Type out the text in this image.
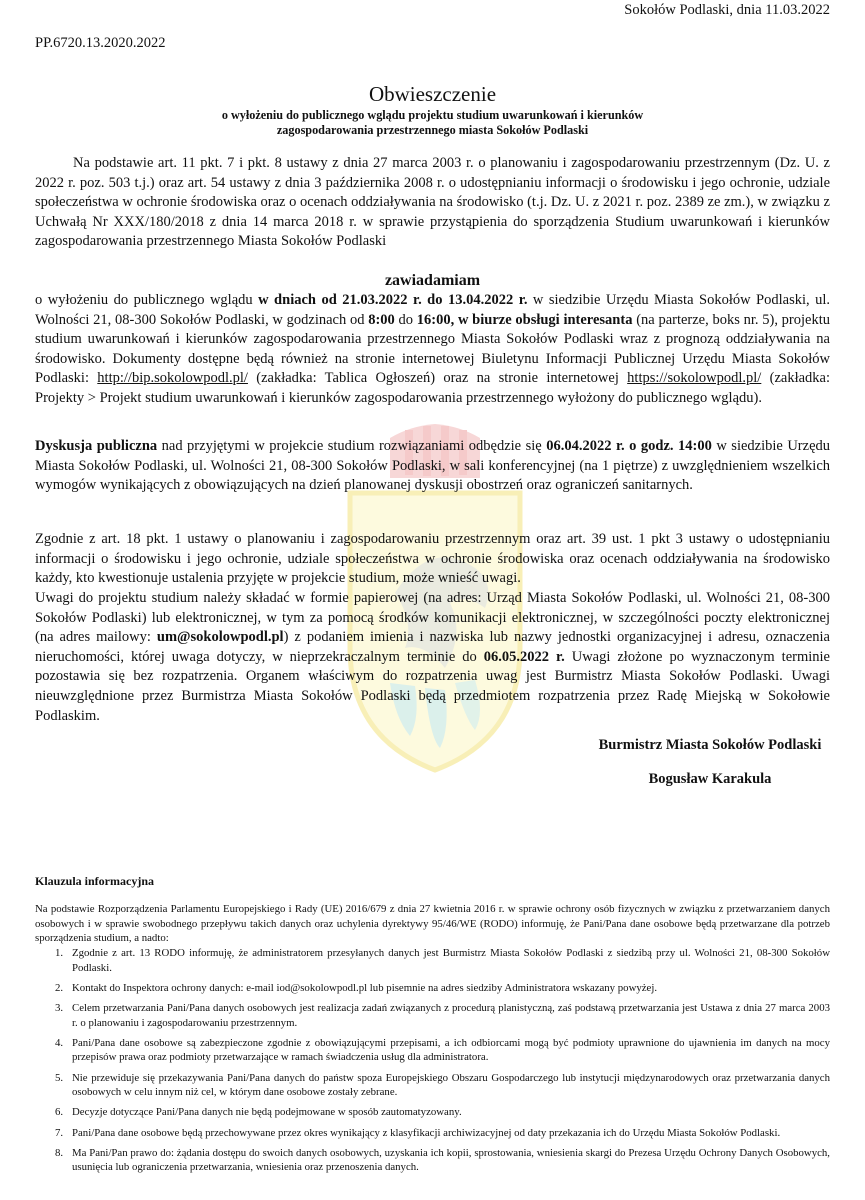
Sokołów Podlaski, dnia 11.03.2022
PP.6720.13.2020.2022
Obwieszczenie
o wyłożeniu do publicznego wglądu projektu studium uwarunkowań i kierunków
zagospodarowania przestrzennego miasta Sokołów Podlaski
Na podstawie art. 11 pkt. 7 i pkt. 8 ustawy z dnia 27 marca 2003 r. o planowaniu i zagospodarowaniu przestrzennym (Dz. U. z 2022 r. poz. 503 t.j.) oraz art. 54 ustawy z dnia 3 października 2008 r. o udostępnianiu informacji o środowisku i jego ochronie, udziale społeczeństwa w ochronie środowiska oraz o ocenach oddziaływania na środowisko (t.j. Dz. U. z 2021 r. poz. 2389 ze zm.), w związku z Uchwałą Nr XXX/180/2018 z dnia 14 marca 2018 r. w sprawie przystąpienia do sporządzenia Studium uwarunkowań i kierunków zagospodarowania przestrzennego Miasta Sokołów Podlaski
zawiadamiam
o wyłożeniu do publicznego wglądu w dniach od 21.03.2022 r. do 13.04.2022 r. w siedzibie Urzędu Miasta Sokołów Podlaski, ul. Wolności 21, 08-300 Sokołów Podlaski, w godzinach od 8:00 do 16:00, w biurze obsługi interesanta (na parterze, boks nr. 5), projektu studium uwarunkowań i kierunków zagospodarowania przestrzennego Miasta Sokołów Podlaski wraz z prognozą oddziaływania na środowisko. Dokumenty dostępne będą również na stronie internetowej Biuletynu Informacji Publicznej Urzędu Miasta Sokołów Podlaski: http://bip.sokolowpodl.pl/ (zakładka: Tablica Ogłoszeń) oraz na stronie internetowej https://sokolowpodl.pl/ (zakładka: Projekty > Projekt studium uwarunkowań i kierunków zagospodarowania przestrzennego wyłożony do publicznego wglądu).
Dyskusja publiczna nad przyjętymi w projekcie studium rozwiązaniami odbędzie się 06.04.2022 r. o godz. 14:00 w siedzibie Urzędu Miasta Sokołów Podlaski, ul. Wolności 21, 08-300 Sokołów Podlaski, w sali konferencyjnej (na 1 piętrze) z uwzględnieniem wszelkich wymogów wynikających z obowiązujących na dzień planowanej dyskusji obostrzeń oraz ograniczeń sanitarnych.
Zgodnie z art. 18 pkt. 1 ustawy o planowaniu i zagospodarowaniu przestrzennym oraz art. 39 ust. 1 pkt 3 ustawy o udostępnianiu informacji o środowisku i jego ochronie, udziale społeczeństwa w ochronie środowiska oraz ocenach oddziaływania na środowisko każdy, kto kwestionuje ustalenia przyjęte w projekcie studium, może wnieść uwagi.
Uwagi do projektu studium należy składać w formie papierowej (na adres: Urząd Miasta Sokołów Podlaski, ul. Wolności 21, 08-300 Sokołów Podlaski) lub elektronicznej, w tym za pomocą środków komunikacji elektronicznej, w szczególności poczty elektronicznej (na adres mailowy: um@sokolowpodl.pl) z podaniem imienia i nazwiska lub nazwy jednostki organizacyjnej i adresu, oznaczenia nieruchomości, której uwaga dotyczy, w nieprzekraczalnym terminie do 06.05.2022 r. Uwagi złożone po wyznaczonym terminie pozostawia się bez rozpatrzenia. Organem właściwym do rozpatrzenia uwag jest Burmistrz Miasta Sokołów Podlaski. Uwagi nieuwzględnione przez Burmistrza Miasta Sokołów Podlaski będą przedmiotem rozpatrzenia przez Radę Miejską w Sokołowie Podlaskim.
Burmistrz Miasta Sokołów Podlaski
Bogusław Karakula
Klauzula informacyjna
Na podstawie Rozporządzenia Parlamentu Europejskiego i Rady (UE) 2016/679 z dnia 27 kwietnia 2016 r. w sprawie ochrony osób fizycznych w związku z przetwarzaniem danych osobowych i w sprawie swobodnego przepływu takich danych oraz uchylenia dyrektywy 95/46/WE (RODO) informuję, że Pani/Pana dane osobowe będą przetwarzane dla potrzeb sporządzenia studium, a nadto:
1. Zgodnie z art. 13 RODO informuję, że administratorem przesyłanych danych jest Burmistrz Miasta Sokołów Podlaski z siedzibą przy ul. Wolności 21, 08-300 Sokołów Podlaski.
2. Kontakt do Inspektora ochrony danych: e-mail iod@sokolowpodl.pl lub pisemnie na adres siedziby Administratora wskazany powyżej.
3. Celem przetwarzania Pani/Pana danych osobowych jest realizacja zadań związanych z procedurą planistyczną, zaś podstawą przetwarzania jest Ustawa z dnia 27 marca 2003 r. o planowaniu i zagospodarowaniu przestrzennym.
4. Pani/Pana dane osobowe są zabezpieczone zgodnie z obowiązującymi przepisami, a ich odbiorcami mogą być podmioty uprawnione do ujawnienia im danych na mocy przepisów prawa oraz podmioty przetwarzające w ramach świadczenia usług dla administratora.
5. Nie przewiduje się przekazywania Pani/Pana danych do państw spoza Europejskiego Obszaru Gospodarczego lub instytucji międzynarodowych oraz przetwarzania danych osobowych w celu innym niż cel, w którym dane osobowe zostały zebrane.
6. Decyzje dotyczące Pani/Pana danych nie będą podejmowane w sposób zautomatyzowany.
7. Pani/Pana dane osobowe będą przechowywane przez okres wynikający z klasyfikacji archiwizacyjnej od daty przekazania ich do Urzędu Miasta Sokołów Podlaski.
8. Ma Pani/Pan prawo do: żądania dostępu do swoich danych osobowych, uzyskania ich kopii, sprostowania, wniesienia skargi do Prezesa Urzędu Ochrony Danych Osobowych, usunięcia lub ograniczenia przetwarzania, wniesienia oraz przenoszenia danych.
